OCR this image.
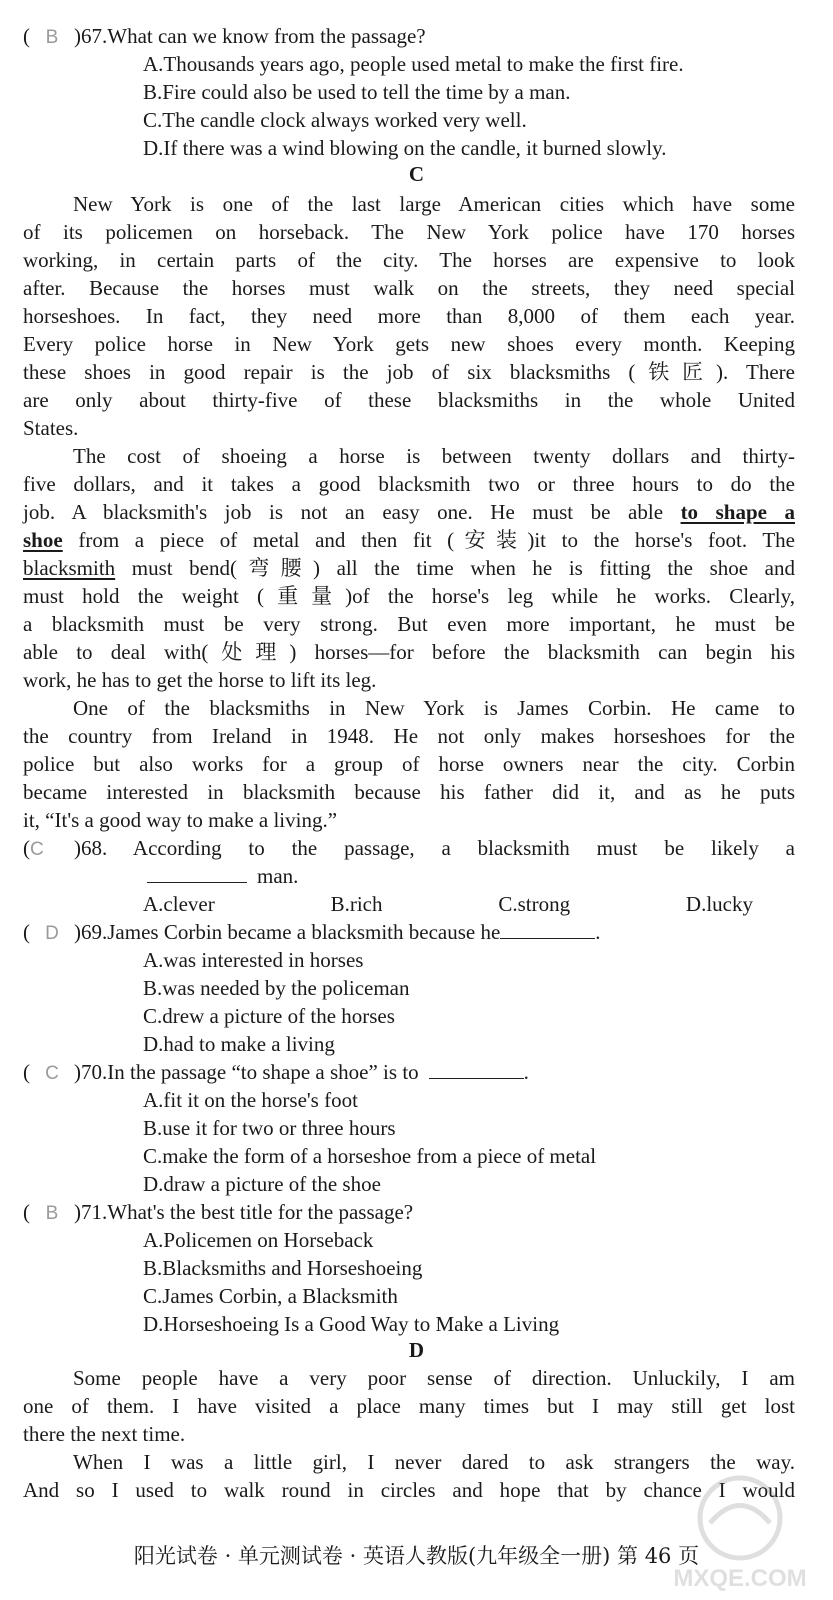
( B )67.What can we know from the passage?
A.Thousands years ago, people used metal to make the first fire.
B.Fire could also be used to tell the time by a man.
C.The candle clock always worked very well.
D.If there was a wind blowing on the candle, it burned slowly.
C
New York is one of the last large American cities which have some
of its policemen on horseback. The New York police have 170 horses
working, in certain parts of the city. The horses are expensive to look
after. Because the horses must walk on the streets, they need special
horseshoes. In fact, they need more than 8,000 of them each year.
Every police horse in New York gets new shoes every month. Keeping
these shoes in good repair is the job of six blacksmiths (铁匠). There
are only about thirty-five of these blacksmiths in the whole United
States.
The cost of shoeing a horse is between twenty dollars and thirty-
five dollars, and it takes a good blacksmith two or three hours to do the
job. A blacksmith's job is not an easy one. He must be able to shape a
shoe from a piece of metal and then fit (安装)it to the horse's foot. The
blacksmith must bend(弯腰) all the time when he is fitting the shoe and
must hold the weight (重量)of the horse's leg while he works. Clearly,
a blacksmith must be very strong. But even more important, he must be
able to deal with(处理) horses—for before the blacksmith can begin his
work, he has to get the horse to lift its leg.
One of the blacksmiths in New York is James Corbin. He came to
the country from Ireland in 1948. He not only makes horseshoes for the
police but also works for a group of horse owners near the city. Corbin
became interested in blacksmith because his father did it, and as he puts
it, “It's a good way to make a living.”
(C )68. According to the passage, a blacksmith must be likely a
man.
A.clever	B.rich	C.strong	D.lucky
( D )69.James Corbin became a blacksmith because he	.
A.was interested in horses
B.was needed by the policeman
C.drew a picture of the horses
D.had to make a living
( C )70.In the passage “to shape a shoe” is to	.
A.fit it on the horse's foot
B.use it for two or three hours
C.make the form of a horseshoe from a piece of metal
D.draw a picture of the shoe
( B )71.What's the best title for the passage?
A.Policemen on Horseback
B.Blacksmiths and Horseshoeing
C.James Corbin, a Blacksmith
D.Horseshoeing Is a Good Way to Make a Living
D
Some people have a very poor sense of direction. Unluckily, I am
one of them. I have visited a place many times but I may still get lost
there the next time.
When I was a little girl, I never dared to ask strangers the way.
And so I used to walk round in circles and hope that by chance I would
阳光试卷 · 单元测试卷 · 英语人教版(九年级全一册) 第 46 页
MXQE.COM
